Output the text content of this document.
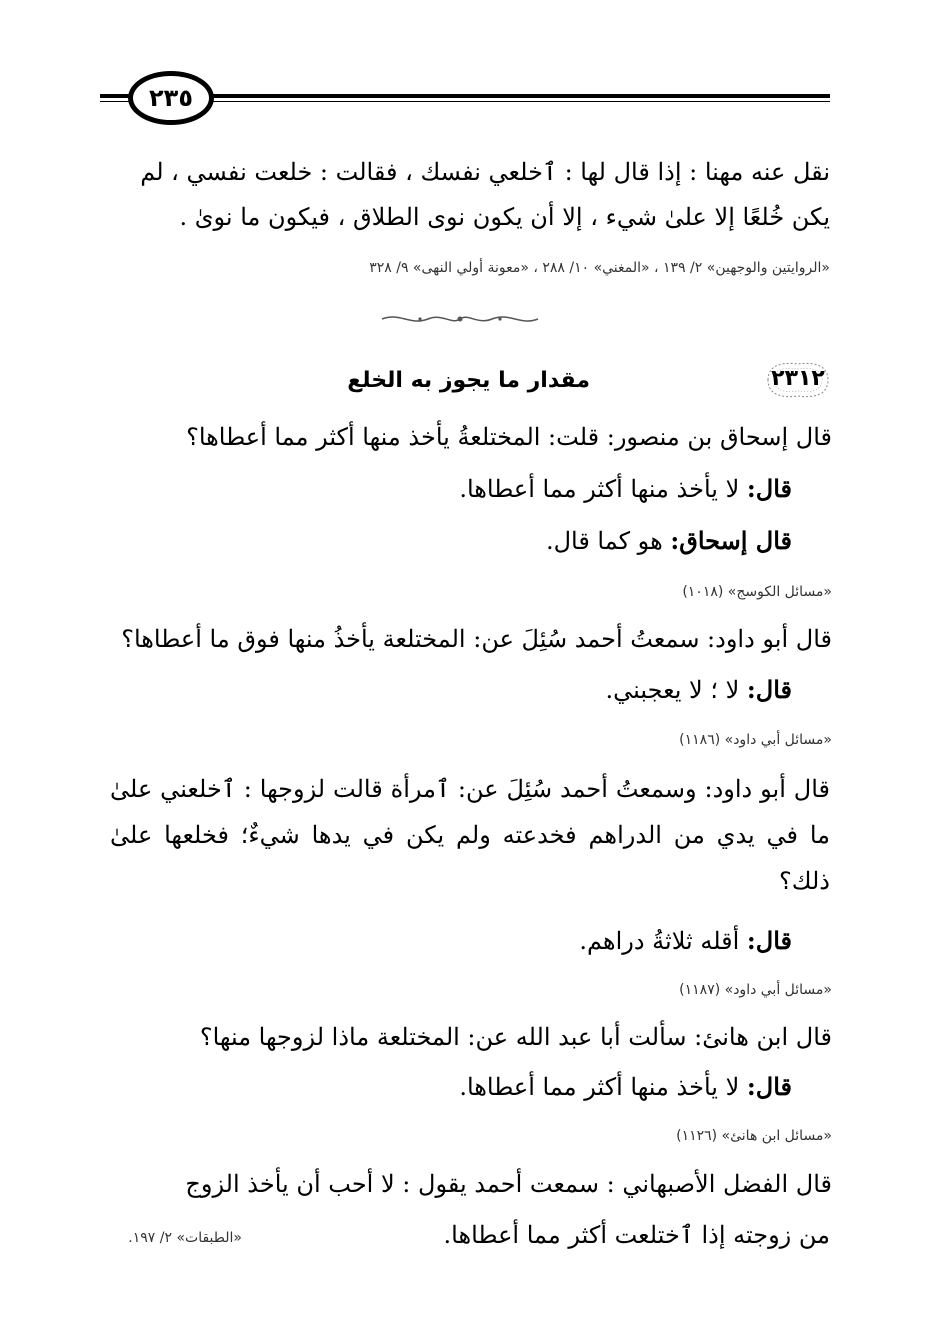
٢٣٥
نقل عنه مهنا : إذا قال لها : ٱخلعي نفسك ، فقالت : خلعت نفسي ، لم
يكن خُلعًا إلا علىٰ شيء ، إلا أن يكون نوى الطلاق ، فيكون ما نوىٰ .
«الروايتين والوجهين» ٢/ ١٣٩ ، «المغني» ١٠/ ٢٨٨ ، «معونة أولي النهى» ٩/ ٣٢٨
٢٣١٢
مقدار ما يجوز به الخلع
قال إسحاق بن منصور: قلت: المختلعةُ يأخذ منها أكثر مما أعطاها؟
قال: لا يأخذ منها أكثر مما أعطاها.
قال إسحاق: هو كما قال.
«مسائل الكوسج» (١٠١٨)
قال أبو داود: سمعتُ أحمد سُئِلَ عن: المختلعة يأخذُ منها فوق ما أعطاها؟
قال: لا ؛ لا يعجبني.
«مسائل أبي داود» (١١٨٦)
قال أبو داود: وسمعتُ أحمد سُئِلَ عن: ٱمرأة قالت لزوجها : ٱخلعني علىٰ ما في يدي من الدراهم فخدعته ولم يكن في يدها شيءٌ؛ فخلعها علىٰ ذلك؟
قال: أقله ثلاثةُ دراهم.
«مسائل أبي داود» (١١٨٧)
قال ابن هانئ: سألت أبا عبد الله عن: المختلعة ماذا لزوجها منها؟
قال: لا يأخذ منها أكثر مما أعطاها.
«مسائل ابن هانئ» (١١٢٦)
قال الفضل الأصبهاني : سمعت أحمد يقول : لا أحب أن يأخذ الزوج
من زوجته إذا ٱختلعت أكثر مما أعطاها.
«الطبقات» ٢/ ١٩٧.
